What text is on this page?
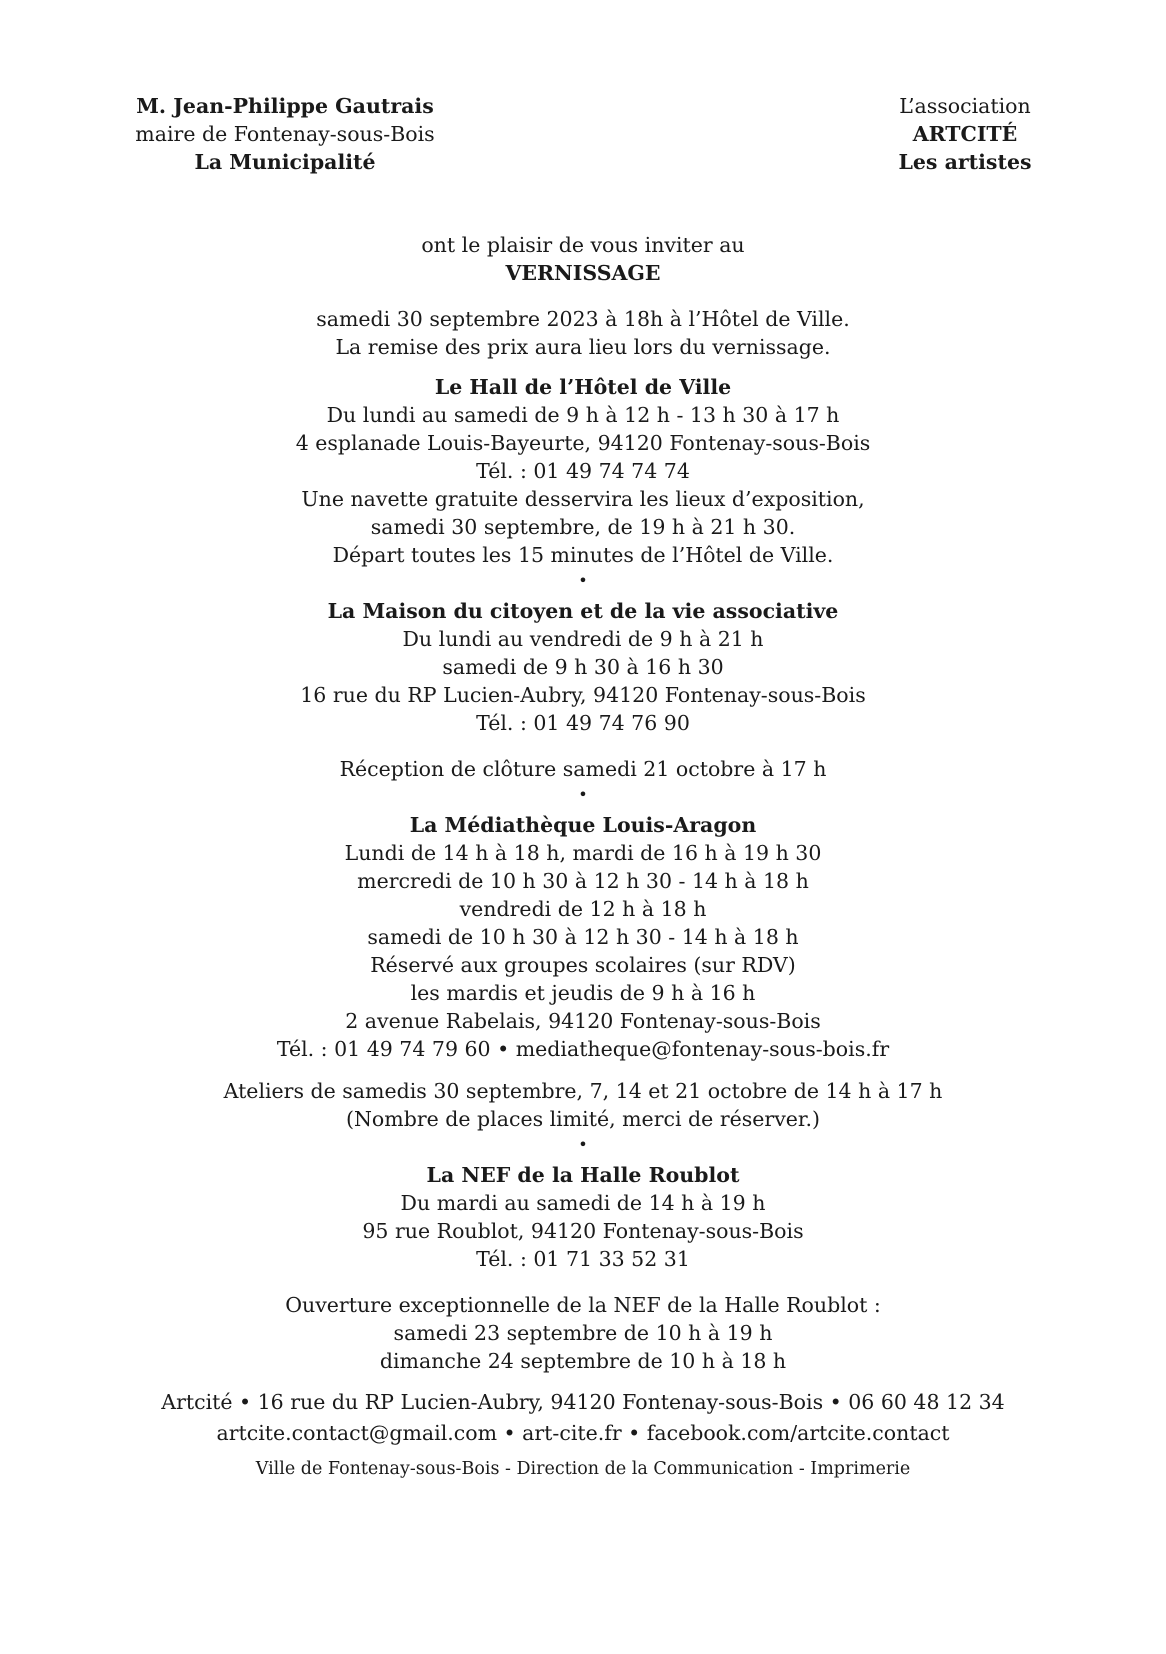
M. Jean-Philippe Gautrais
maire de Fontenay-sous-Bois
La Municipalité
L’association
ARTCITÉ
Les artistes
ont le plaisir de vous inviter au
VERNISSAGE
samedi 30 septembre 2023 à 18h à l’Hôtel de Ville.
La remise des prix aura lieu lors du vernissage.
Le Hall de l’Hôtel de Ville
Du lundi au samedi de 9 h à 12 h - 13 h 30 à 17 h
4 esplanade Louis-Bayeurte, 94120 Fontenay-sous-Bois
Tél. : 01 49 74 74 74
Une navette gratuite desservira les lieux d’exposition,
samedi 30 septembre, de 19 h à 21 h 30.
Départ toutes les 15 minutes de l’Hôtel de Ville.
•
La Maison du citoyen et de la vie associative
Du lundi au vendredi de 9 h à 21 h
samedi de 9 h 30 à 16 h 30
16 rue du RP Lucien-Aubry, 94120 Fontenay-sous-Bois
Tél. : 01 49 74 76 90
Réception de clôture samedi 21 octobre à 17 h
•
La Médiathèque Louis-Aragon
Lundi de 14 h à 18 h, mardi de 16 h à 19 h 30
mercredi de 10 h 30 à 12 h 30 - 14 h à 18 h
vendredi de 12 h à 18 h
samedi de 10 h 30 à 12 h 30 - 14 h à 18 h
Réservé aux groupes scolaires (sur RDV)
les mardis et jeudis de 9 h à 16 h
2 avenue Rabelais, 94120 Fontenay-sous-Bois
Tél. : 01 49 74 79 60 • mediatheque@fontenay-sous-bois.fr
Ateliers de samedis 30 septembre, 7, 14 et 21 octobre de 14 h à 17 h
(Nombre de places limité, merci de réserver.)
•
La NEF de la Halle Roublot
Du mardi au samedi de 14 h à 19 h
95 rue Roublot, 94120 Fontenay-sous-Bois
Tél. : 01 71 33 52 31
Ouverture exceptionnelle de la NEF de la Halle Roublot :
samedi 23 septembre de 10 h à 19 h
dimanche 24 septembre de 10 h à 18 h
Artcité • 16 rue du RP Lucien-Aubry, 94120 Fontenay-sous-Bois • 06 60 48 12 34
artcite.contact@gmail.com • art-cite.fr • facebook.com/artcite.contact
Ville de Fontenay-sous-Bois - Direction de la Communication - Imprimerie
